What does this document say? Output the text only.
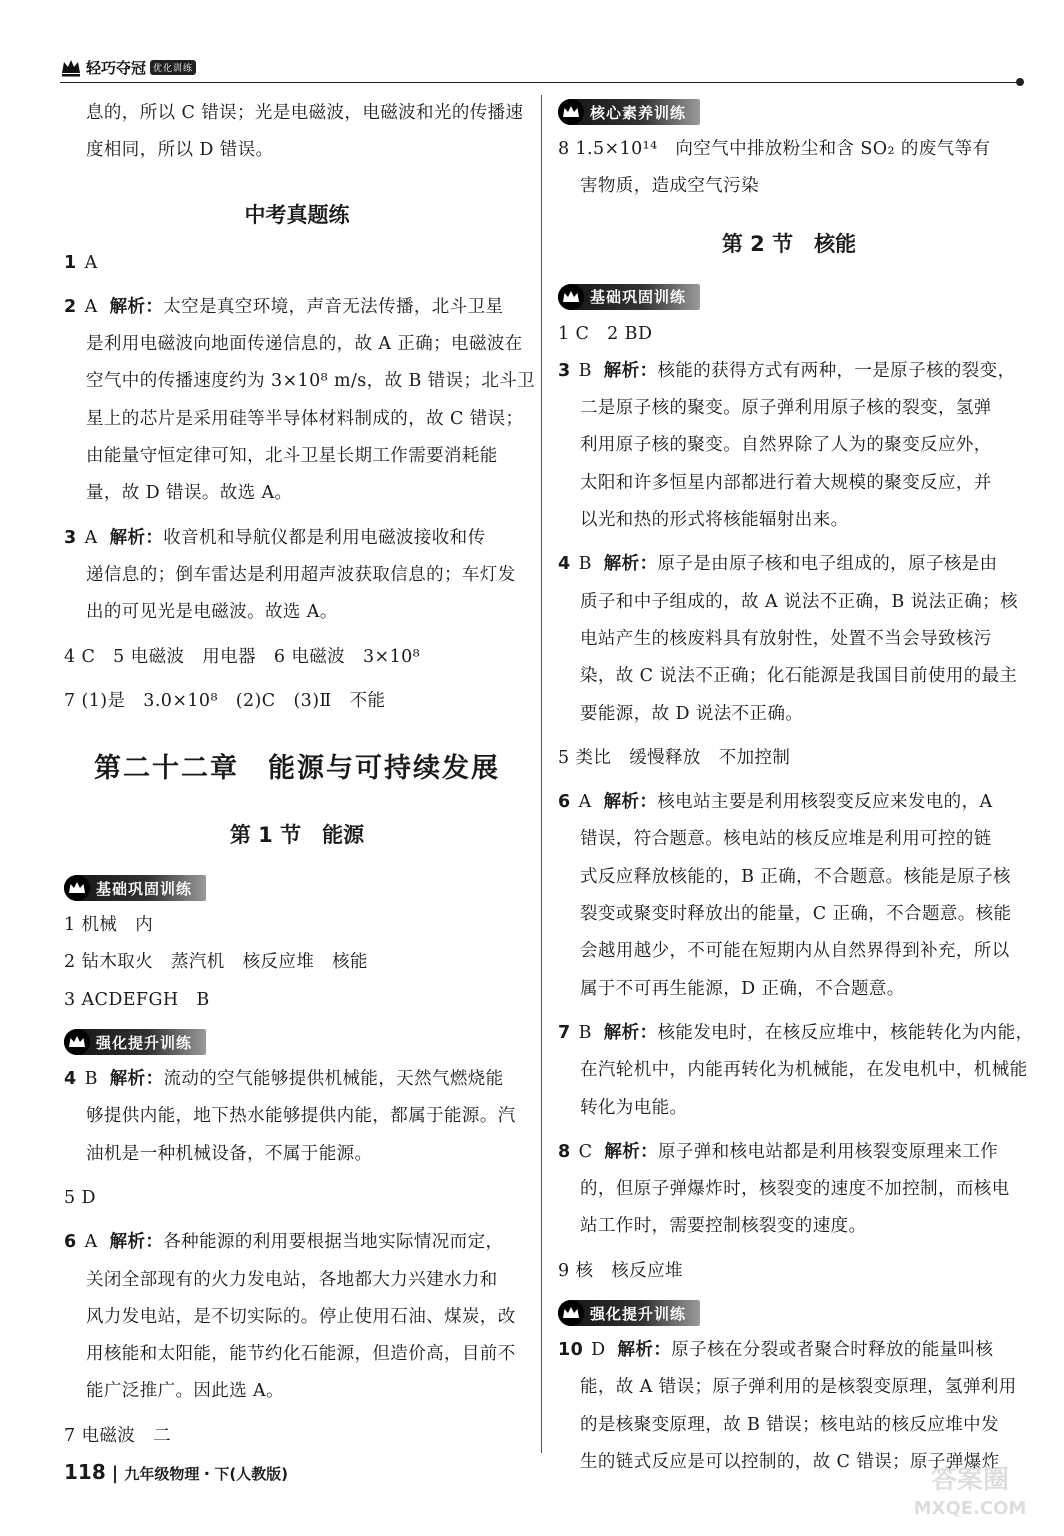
轻巧夺冠 优化训练
息的，所以 C 错误；光是电磁波，电磁波和光的传播速
度相同，所以 D 错误。
中考真题练
1 A
2 A 解析：太空是真空环境，声音无法传播，北斗卫星
是利用电磁波向地面传递信息的，故 A 正确；电磁波在
空气中的传播速度约为 3×10⁸ m/s，故 B 错误；北斗卫
星上的芯片是采用硅等半导体材料制成的，故 C 错误；
由能量守恒定律可知，北斗卫星长期工作需要消耗能
量，故 D 错误。故选 A。
3 A 解析：收音机和导航仪都是利用电磁波接收和传
递信息的；倒车雷达是利用超声波获取信息的；车灯发
出的可见光是电磁波。故选 A。
4 C　5 电磁波　用电器　6 电磁波　3×10⁸
7 (1)是　3.0×10⁸　(2)C　(3)Ⅱ　不能
第二十二章　能源与可持续发展
第 1 节　能源
基础巩固训练
1 机械　内
2 钻木取火　蒸汽机　核反应堆　核能
3 ACDEFGH　B
强化提升训练
4 B 解析：流动的空气能够提供机械能，天然气燃烧能
够提供内能，地下热水能够提供内能，都属于能源。汽
油机是一种机械设备，不属于能源。
5 D
6 A 解析：各种能源的利用要根据当地实际情况而定，
关闭全部现有的火力发电站，各地都大力兴建水力和
风力发电站，是不切实际的。停止使用石油、煤炭，改
用核能和太阳能，能节约化石能源，但造价高，目前不
能广泛推广。因此选 A。
7 电磁波　二
核心素养训练
8 1.5×10¹⁴　向空气中排放粉尘和含 SO₂ 的废气等有
害物质，造成空气污染
第 2 节　核能
基础巩固训练
1 C　2 BD
3 B 解析：核能的获得方式有两种，一是原子核的裂变，
二是原子核的聚变。原子弹利用原子核的裂变，氢弹
利用原子核的聚变。自然界除了人为的聚变反应外，
太阳和许多恒星内部都进行着大规模的聚变反应，并
以光和热的形式将核能辐射出来。
4 B 解析：原子是由原子核和电子组成的，原子核是由
质子和中子组成的，故 A 说法不正确，B 说法正确；核
电站产生的核废料具有放射性，处置不当会导致核污
染，故 C 说法不正确；化石能源是我国目前使用的最主
要能源，故 D 说法不正确。
5 类比　缓慢释放　不加控制
6 A 解析：核电站主要是利用核裂变反应来发电的，A
错误，符合题意。核电站的核反应堆是利用可控的链
式反应释放核能的，B 正确，不合题意。核能是原子核
裂变或聚变时释放出的能量，C 正确，不合题意。核能
会越用越少，不可能在短期内从自然界得到补充，所以
属于不可再生能源，D 正确，不合题意。
7 B 解析：核能发电时，在核反应堆中，核能转化为内能，
在汽轮机中，内能再转化为机械能，在发电机中，机械能
转化为电能。
8 C 解析：原子弹和核电站都是利用核裂变原理来工作
的，但原子弹爆炸时，核裂变的速度不加控制，而核电
站工作时，需要控制核裂变的速度。
9 核　核反应堆
强化提升训练
10 D 解析：原子核在分裂或者聚合时释放的能量叫核
能，故 A 错误；原子弹利用的是核裂变原理，氢弹利用
的是核聚变原理，故 B 错误；核电站的核反应堆中发
生的链式反应是可以控制的，故 C 错误；原子弹爆炸
118 | 九年级物理・下(人教版)	答案圈
MXQE.COM
